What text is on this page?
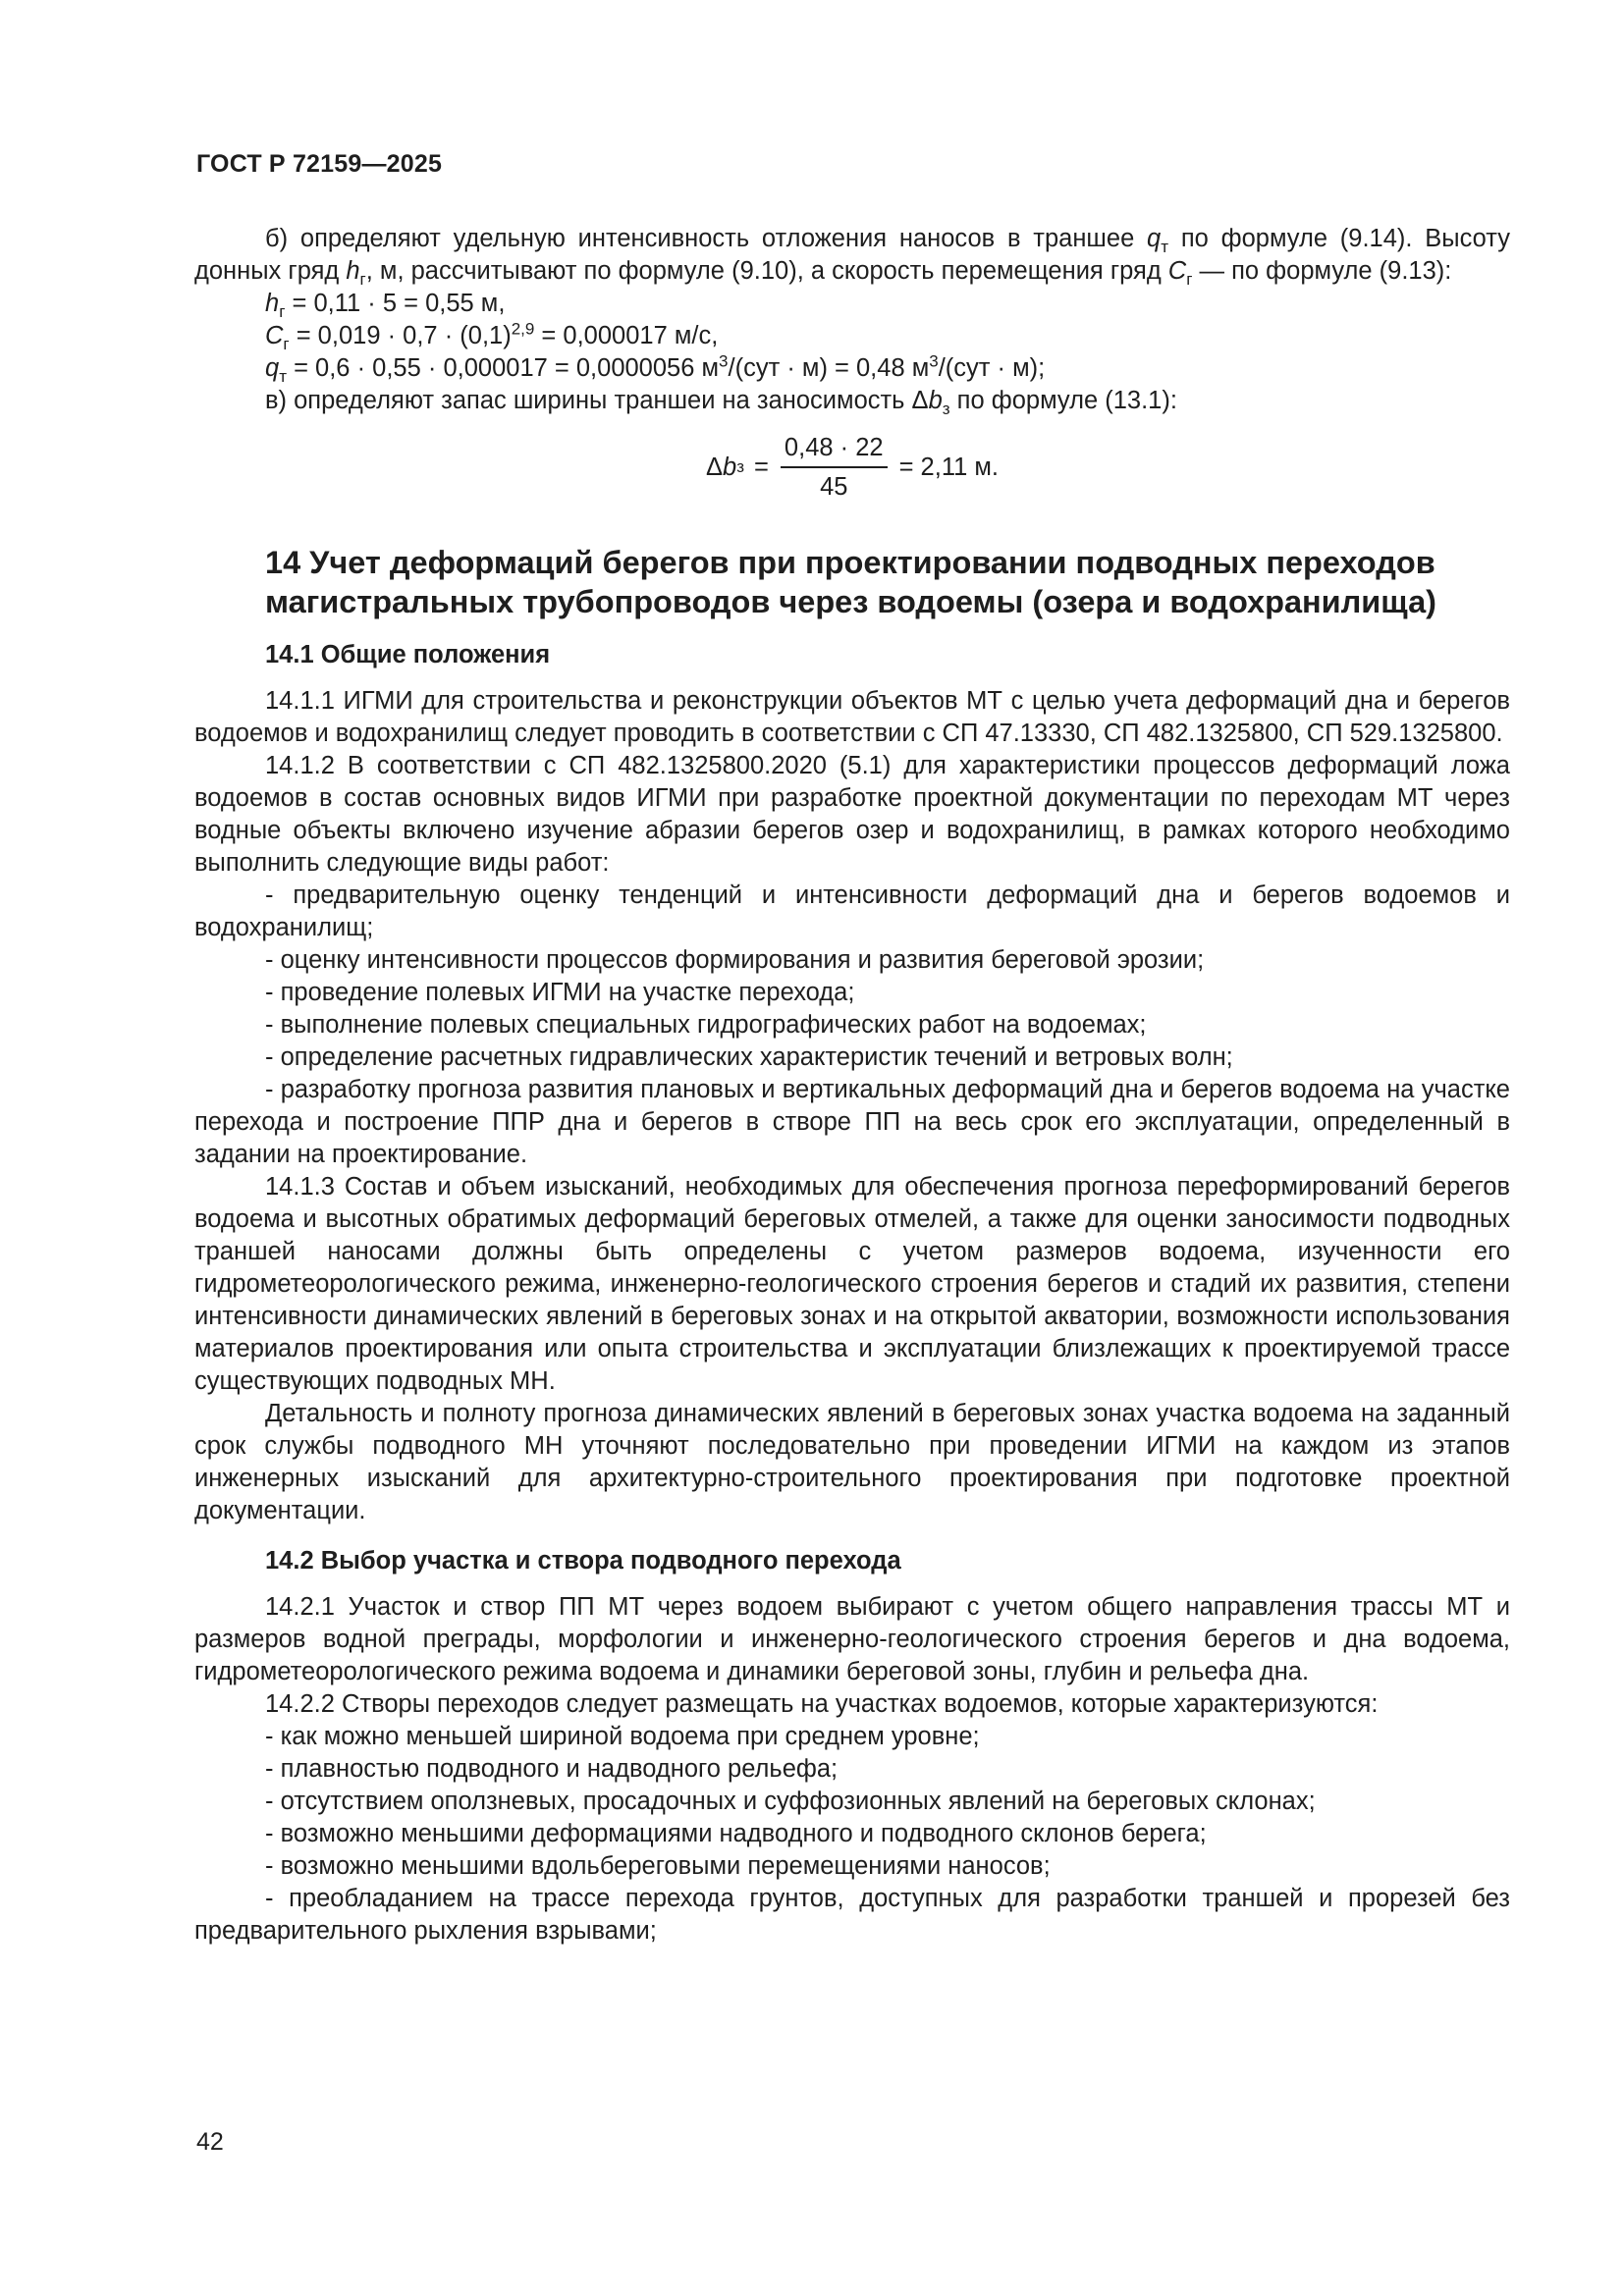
ГОСТ Р 72159—2025

б) определяют удельную интенсивность отложения наносов в траншее $q_т$ по формуле (9.14). Высоту донных гряд $h_г$, м, рассчитывают по формуле (9.10), а скорость перемещения гряд $C_г$ — по формуле (9.13):

$h_г = 0,11 \cdot 5 = 0,55$ м,

$C_г = 0,019 \cdot 0,7 \cdot (0,1)^{2,9} = 0,000017$ м/с,

$q_т = 0,6 \cdot 0,55 \cdot 0,000017 = 0,0000056$ $м^3/(сут \cdot м) = 0,48$ $м^3/(сут \cdot м)$;

в) определяют запас ширины траншеи на заносимость $\Delta b_з$ по формуле (13.1):

Δ b $з = \frac{0,48 \cdot 22}{45} = 2,11$ м.
14 Учет деформаций берегов при проектировании подводных переходов магистральных трубопроводов через водоемы (озера и водохранилища)
14.1 Общие положения

14.1.1 ИГМИ для строительства и реконструкции объектов МТ с целью учета деформаций дна и берегов водоемов и водохранилищ следует проводить в соответствии с СП 47.13330, СП 482.1325800, СП 529.1325800.

14.1.2 В соответствии с СП 482.1325800.2020 (5.1) для характеристики процессов деформаций ложа водоемов в состав основных видов ИГМИ при разработке проектной документации по переходам МТ через водные объекты включено изучение абразии берегов озер и водохранилищ, в рамках которого необходимо выполнить следующие виды работ:

- предварительную оценку тенденций и интенсивности деформаций дна и берегов водоемов и водохранилищ;

- оценку интенсивности процессов формирования и развития береговой эрозии;

- проведение полевых ИГМИ на участке перехода;

- выполнение полевых специальных гидрографических работ на водоемах;

- определение расчетных гидравлических характеристик течений и ветровых волн;

- разработку прогноза развития плановых и вертикальных деформаций дна и берегов водоема на участке перехода и построение ППР дна и берегов в створе ПП на весь срок его эксплуатации, определенный в задании на проектирование.

14.1.3 Состав и объем изысканий, необходимых для обеспечения прогноза переформирований берегов водоема и высотных обратимых деформаций береговых отмелей, а также для оценки заносимости подводных траншей наносами должны быть определены с учетом размеров водоема, изученности его гидрометеорологического режима, инженерно-геологического строения берегов и стадий их развития, степени интенсивности динамических явлений в береговых зонах и на открытой акватории, возможности использования материалов проектирования или опыта строительства и эксплуатации близлежащих к проектируемой трассе существующих подводных МН.

Детальность и полноту прогноза динамических явлений в береговых зонах участка водоема на заданный срок службы подводного МН уточняют последовательно при проведении ИГМИ на каждом из этапов инженерных изысканий для архитектурно-строительного проектирования при подготовке проектной документации.

14.2 Выбор участка и створа подводного перехода

14.2.1 Участок и створ ПП МТ через водоем выбирают с учетом общего направления трассы МТ и размеров водной преграды, морфологии и инженерно-геологического строения берегов и дна водоема, гидрометеорологического режима водоема и динамики береговой зоны, глубин и рельефа дна.

14.2.2 Створы переходов следует размещать на участках водоемов, которые характеризуются:

- как можно меньшей шириной водоема при среднем уровне;

- плавностью подводного и надводного рельефа;

- отсутствием оползневых, просадочных и суффозионных явлений на береговых склонах;

- возможно меньшими деформациями надводного и подводного склонов берега;

- возможно меньшими вдольбереговыми перемещениями наносов;

- преобладанием на трассе перехода грунтов, доступных для разработки траншей и прорезей без предварительного рыхления взрывами;

42
